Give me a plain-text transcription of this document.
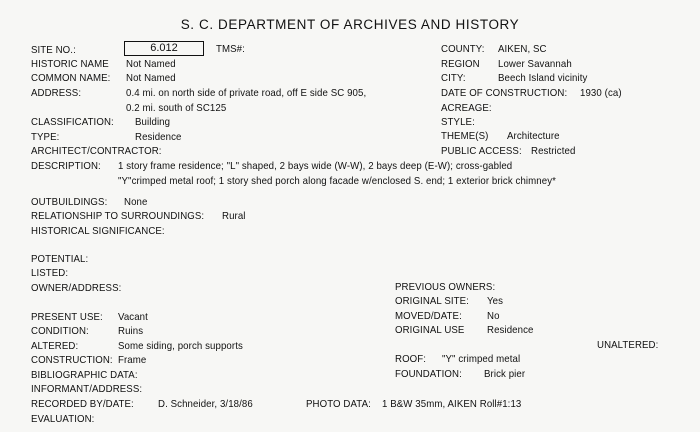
S. C. DEPARTMENT OF ARCHIVES AND HISTORY
SITE NO.:	6.012	TMS#:
HISTORIC NAME Not Named
COMMON NAME: Not Named
ADDRESS:	0.4 mi. on north side of private road, off E side SC 905,
0.2 mi. south of SC125
CLASSIFICATION: Building
TYPE:	Residence
ARCHITECT/CONTRACTOR:
COUNTY: AIKEN, SC
REGION Lower Savannah
CITY:	Beech Island vicinity
DATE OF CONSTRUCTION: 1930 (ca)
ACREAGE:
STYLE:
THEME(S) Architecture
PUBLIC ACCESS: Restricted
DESCRIPTION: 1 story frame residence; "L" shaped, 2 bays wide (W-W), 2 bays deep (E-W); cross-gabled
"Y"crimped metal roof; 1 story shed porch along facade w/enclosed S. end; 1 exterior brick chimney*
OUTBUILDINGS: None
RELATIONSHIP TO SURROUNDINGS: Rural
HISTORICAL SIGNIFICANCE:
POTENTIAL:
LISTED:
OWNER/ADDRESS:	PREVIOUS OWNERS:
ORIGINAL SITE: Yes
MOVED/DATE: No
ORIGINAL USE Residence
PRESENT USE: Vacant
CONDITION:	Ruins
ALTERED:	Some siding, porch supports	UNALTERED:
CONSTRUCTION: Frame	ROOF: "Y" crimped metal
BIBLIOGRAPHIC DATA:	FOUNDATION: Brick pier
INFORMANT/ADDRESS:
RECORDED BY/DATE: D. Schneider, 3/18/86	PHOTO DATA: 1 B&W 35mm, AIKEN Roll#1:13
EVALUATION:
